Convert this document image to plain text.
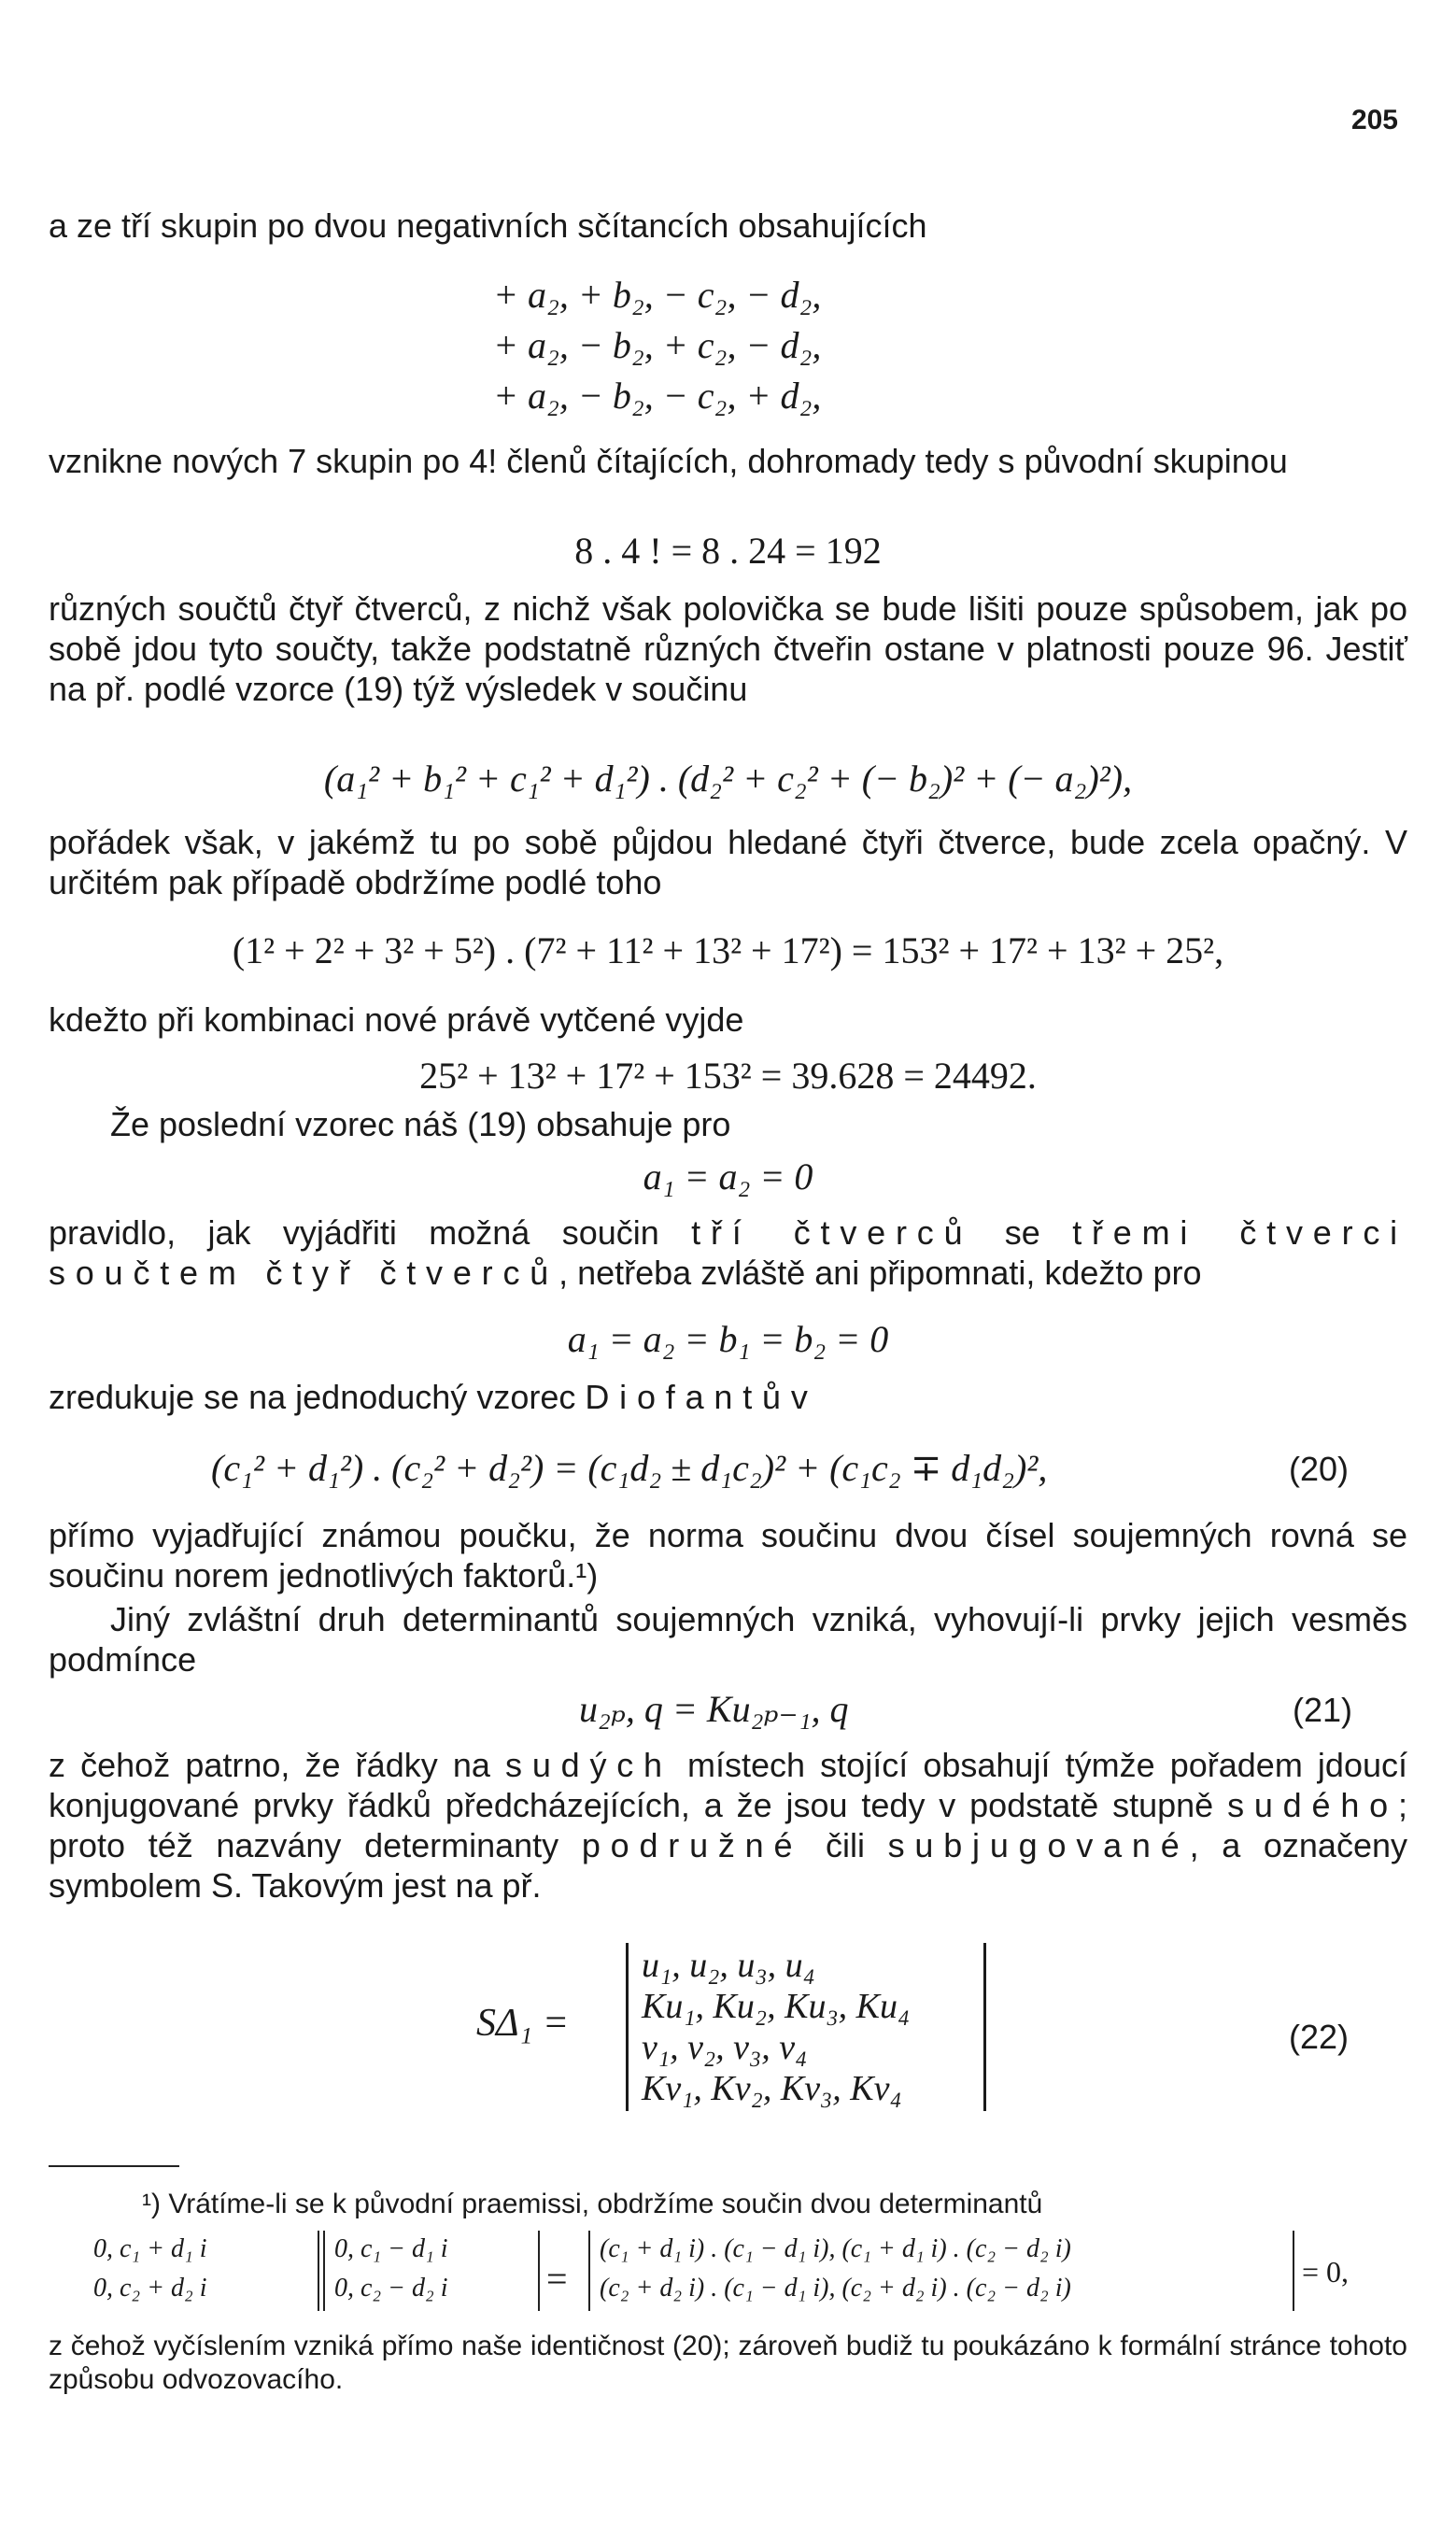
205
a ze tří skupin po dvou negativních sčítancích obsahujících
+ a₂, + b₂, − c₂, − d₂,
+ a₂, − b₂, + c₂, − d₂,
+ a₂, − b₂, − c₂, + d₂,
vznikne nových 7 skupin po 4! členů čítajících, dohromady tedy s původní skupinou
8 . 4 ! = 8 . 24 = 192
různých součtů čtyř čtverců, z nichž však polovička se bude lišiti pouze spůsobem, jak po sobě jdou tyto součty, takže podstatně různých čtveřin ostane v platnosti pouze 96. Jestiť na př. podlé vzorce (19) týž výsledek v součinu
(a₁² + b₁² + c₁² + d₁²) . (d₂² + c₂² + (− b₂)² + (− a₂)²),
pořádek však, v jakémž tu po sobě půjdou hledané čtyři čtverce, bude zcela opačný. V určitém pak případě obdržíme podlé toho
(1² + 2² + 3² + 5²) . (7² + 11² + 13² + 17²) = 153² + 17² + 13² + 25²,
kdežto při kombinaci nové právě vytčené vyjde
25² + 13² + 17² + 153² = 39.628 = 24492.
Že poslední vzorec náš (19) obsahuje pro
a₁ = a₂ = 0
pravidlo, jak vyjádřiti možná součin tří čtverců se třemi čtverci součtem čtyř čtverců, netřeba zvláště ani připomnati, kdežto pro
a₁ = a₂ = b₁ = b₂ = 0
zredukuje se na jednoduchý vzorec Diofantův
(c₁² + d₁²) . (c₂² + d₂²) = (c₁d₂ ± d₁c₂)² + (c₁c₂ ∓ d₁d₂)²,	(20)
přímo vyjadřující známou poučku, že norma součinu dvou čísel soujemných rovná se součinu norem jednotlivých faktorů.¹)
Jiný zvláštní druh determinantů soujemných vzniká, vyhovují-li prvky jejich vesměs podmínce
u₂ₚ, q = Ku₂ₚ₋₁, q	(21)
z čehož patrno, že řádky na sudých místech stojící obsahují týmže pořadem jdoucí konjugované prvky řádků předcházejících, a že jsou tedy v podstatě stupně sudého; proto též nazvány determinanty podružné čili subjugované, a označeny symbolem S. Takovým jest na př.
SΔ₁ =
u₁, u₂, u₃, u₄
Ku₁, Ku₂, Ku₃, Ku₄
v₁, v₂, v₃, v₄
Kv₁, Kv₂, Kv₃, Kv₄
(22)
¹) Vrátíme-li se k původní praemissi, obdržíme součin dvou determinantů
0, c₁ + d₁ i
0, c₂ + d₂ i
0, c₁ − d₁ i
0, c₂ − d₂ i	=
(c₁ + d₁ i) . (c₁ − d₁ i), (c₁ + d₁ i) . (c₂ − d₂ i)
(c₂ + d₂ i) . (c₁ − d₁ i), (c₂ + d₂ i) . (c₂ − d₂ i)	= 0,
z čehož vyčíslením vzniká přímo naše identičnost (20); zároveň budiž tu poukázáno k formální stránce tohoto způsobu odvozovacího.
